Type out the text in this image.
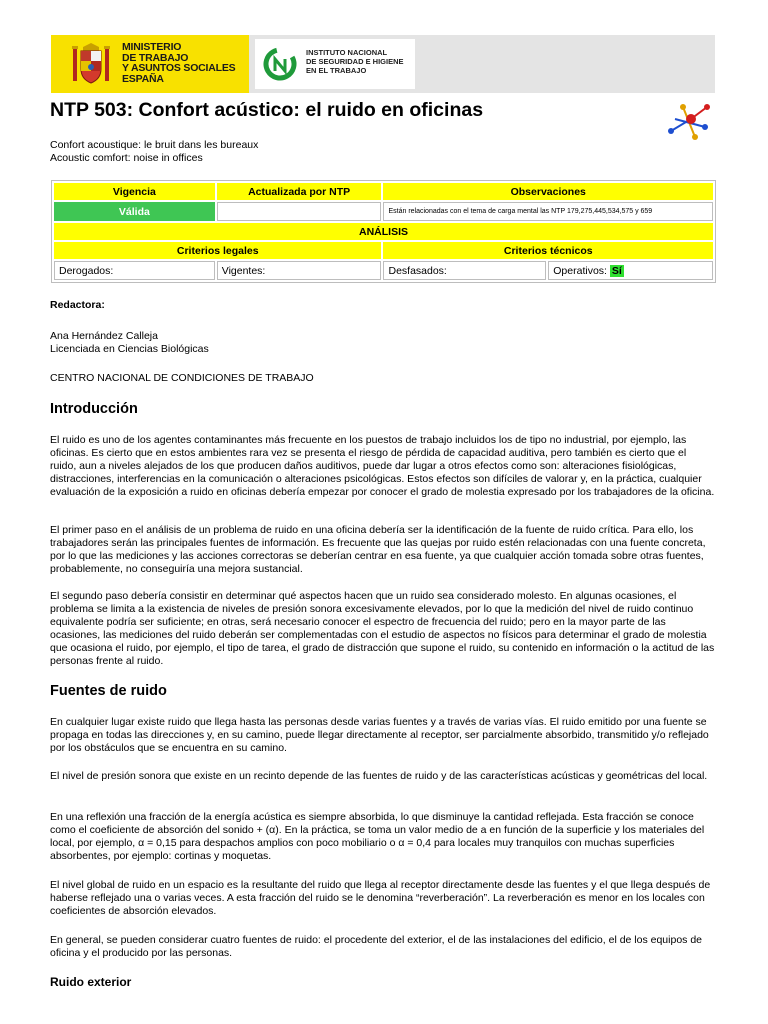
MINISTERIO
DE TRABAJO
Y ASUNTOS SOCIALES
ESPAÑA
INSTITUTO NACIONAL
DE SEGURIDAD E HIGIENE
EN EL TRABAJO
NTP 503: Confort acústico: el ruido en oficinas
Confort acoustique: le bruit dans les bureaux
Acoustic comfort: noise in offices
Vigencia	Actualizada por NTP	Observaciones	
Válida		Están relacionadas con el tema de carga mental las NTP 179,275,445,534,575 y 659	
ANÁLISIS			
Criterios legales		Criterios técnicos	
Derogados:	Vigentes:	Desfasados:	Operativos: Sí
Redactora:
Ana Hernández Calleja
Licenciada en Ciencias Biológicas
CENTRO NACIONAL DE CONDICIONES DE TRABAJO
Introducción

El ruido es uno de los agentes contaminantes más frecuente en los puestos de trabajo incluidos los de tipo no industrial, por ejemplo, las oficinas. Es cierto que en estos ambientes rara vez se presenta el riesgo de pérdida de capacidad auditiva, pero también es cierto que el ruido, aun a niveles alejados de los que producen daños auditivos, puede dar lugar a otros efectos como son: alteraciones fisiológicas, distracciones, interferencias en la comunicación o alteraciones psicológicas. Estos efectos son difíciles de valorar y, en la práctica, cualquier evaluación de la exposición a ruido en oficinas debería empezar por conocer el grado de molestia expresado por los trabajadores de la oficina.

El primer paso en el análisis de un problema de ruido en una oficina debería ser la identificación de la fuente de ruido crítica. Para ello, los trabajadores serán las principales fuentes de información. Es frecuente que las quejas por ruido estén relacionadas con una fuente concreta, por lo que las mediciones y las acciones correctoras se deberían centrar en esa fuente, ya que cualquier acción tomada sobre otras fuentes, probablemente, no conseguiría una mejora sustancial.

El segundo paso debería consistir en determinar qué aspectos hacen que un ruido sea considerado molesto. En algunas ocasiones, el problema se limita a la existencia de niveles de presión sonora excesivamente elevados, por lo que la medición del nivel de ruido continuo equivalente podría ser suficiente; en otras, será necesario conocer el espectro de frecuencia del ruido; pero en la mayor parte de las ocasiones, las mediciones del ruido deberán ser complementadas con el estudio de aspectos no físicos para determinar el grado de molestia que ocasiona el ruido, por ejemplo, el tipo de tarea, el grado de distracción que supone el ruido, su contenido en información o la actitud de las personas frente al ruido.

Fuentes de ruido

En cualquier lugar existe ruido que llega hasta las personas desde varias fuentes y a través de varias vías. El ruido emitido por una fuente se propaga en todas las direcciones y, en su camino, puede llegar directamente al receptor, ser parcialmente absorbido, transmitido y/o reflejado por los obstáculos que se encuentra en su camino.

El nivel de presión sonora que existe en un recinto depende de las fuentes de ruido y de las características acústicas y geométricas del local.

En una reflexión una fracción de la energía acústica es siempre absorbida, lo que disminuye la cantidad reflejada. Esta fracción se conoce como el coeficiente de absorción del sonido + (α). En la práctica, se toma un valor medio de a en función de la superficie y los materiales del local, por ejemplo, α = 0,15 para despachos amplios con poco mobiliario o α = 0,4 para locales muy tranquilos con muchas superficies absorbentes, por ejemplo: cortinas y moquetas.

El nivel global de ruido en un espacio es la resultante del ruido que llega al receptor directamente desde las fuentes y el que llega después de haberse reflejado una o varias veces. A esta fracción del ruido se le denomina “reverberación”. La reverberación es menor en los locales con coeficientes de absorción elevados.

En general, se pueden considerar cuatro fuentes de ruido: el procedente del exterior, el de las instalaciones del edificio, el de los equipos de oficina y el producido por las personas.

Ruido exterior
